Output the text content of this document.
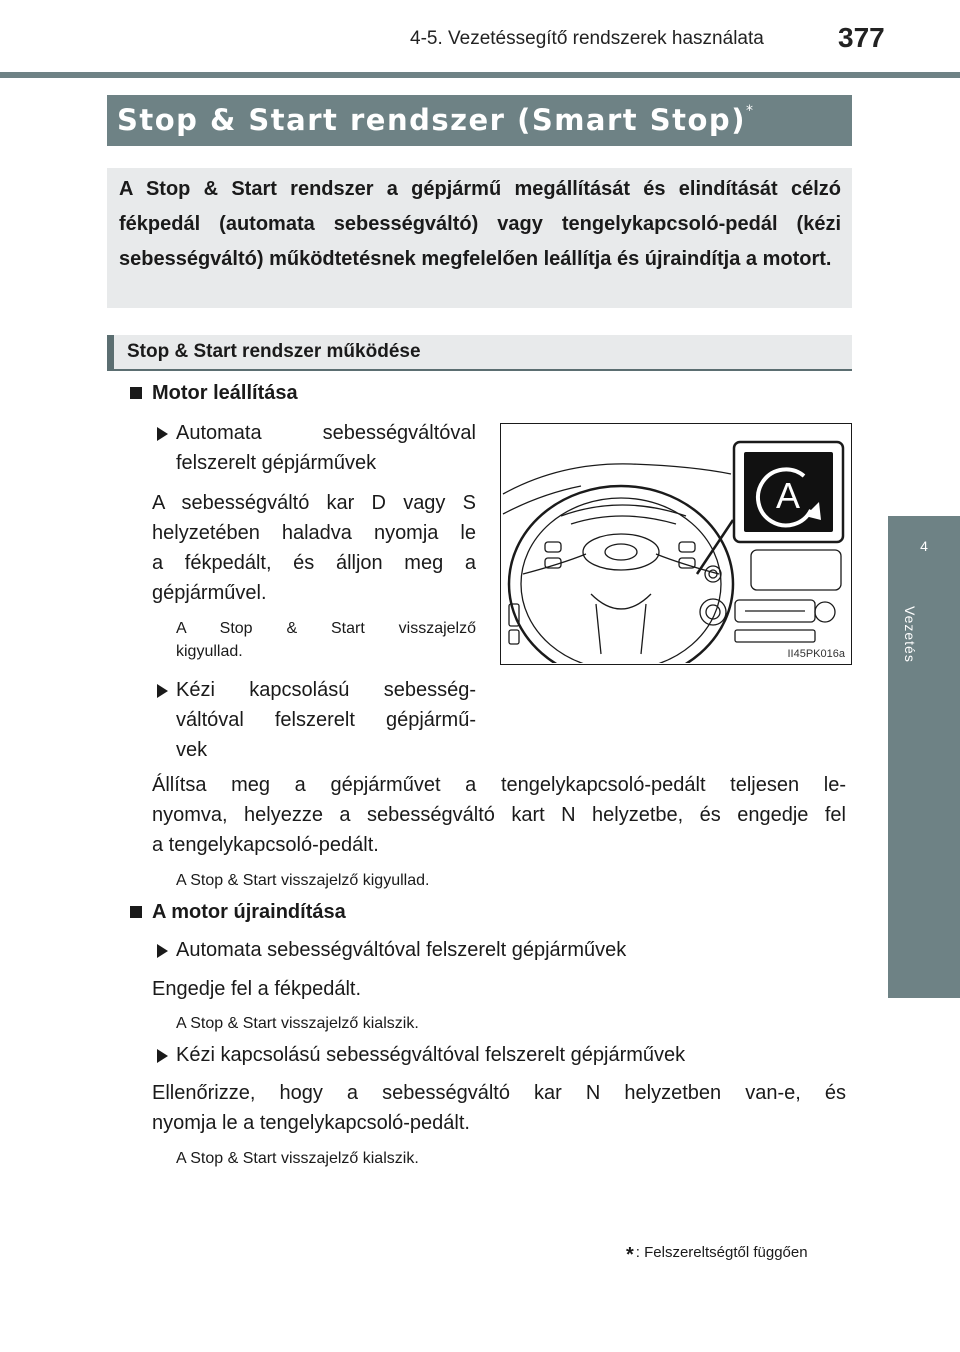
4-5. Vezetéssegítő rendszerek használata	377
4
Vezetés
Stop & Start rendszer (Smart Stop)*

A Stop & Start rendszer a gépjármű megállítását és elindítását célzó fékpedál (automata sebességváltó) vagy tengelykapcsoló-pedál (kézi sebességváltó) működtetésnek megfelelően leállítja és újraindítja a motort.

Stop & Start rendszer működése
Motor leállítása
Automata sebességváltóval
felszerelt gépjárművek
A sebességváltó kar D vagy S
helyzetében haladva nyomja le
a fékpedált, és álljon meg a
gépjárművel.
A Stop & Start visszajelző
kigyullad.
Kézi kapcsolású sebesség-
váltóval felszerelt gépjármű-
vek
Állítsa meg a gépjárművet a tengelykapcsoló-pedált teljesen le-
nyomva, helyezze a sebességváltó kart N helyzetbe, és engedje fel
a tengelykapcsoló-pedált.
A Stop & Start visszajelző kigyullad.
A
II45PK016a
A motor újraindítása
Automata sebességváltóval felszerelt gépjárművek
Engedje fel a fékpedált.
A Stop & Start visszajelző kialszik.
Kézi kapcsolású sebességváltóval felszerelt gépjárművek
Ellenőrizze, hogy a sebességváltó kar N helyzetben van-e, és
nyomja le a tengelykapcsoló-pedált.
A Stop & Start visszajelző kialszik.
* : Felszereltségtől függően
